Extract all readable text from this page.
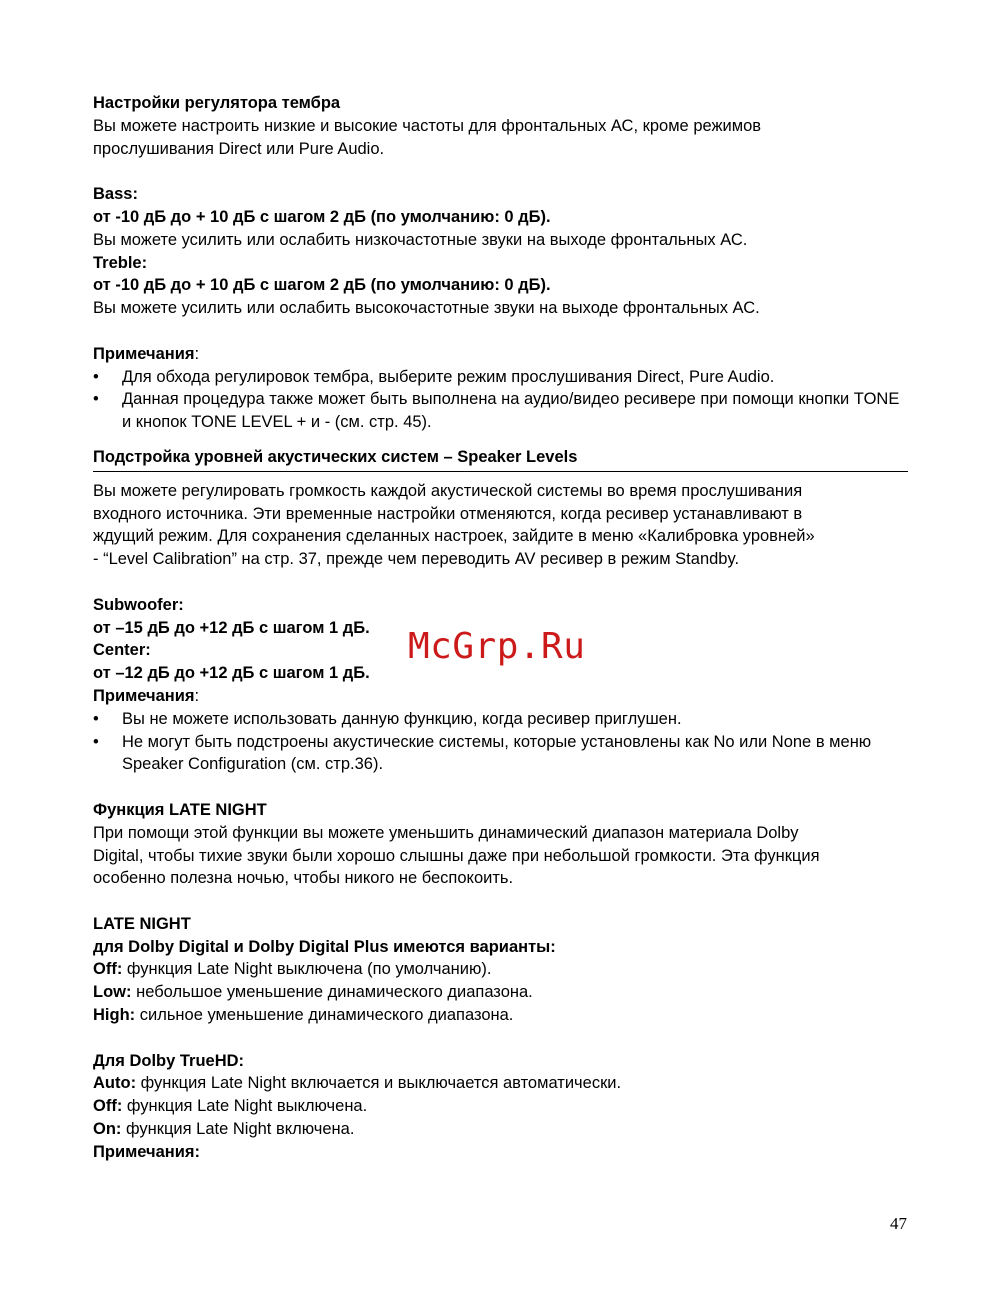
Настройки регулятора тембра

Вы можете настроить низкие и высокие частоты для фронтальных АС, кроме режимов

прослушивания Direct или Pure Audio.

Bass:

от -10 дБ до + 10 дБ с шагом 2 дБ (по умолчанию: 0 дБ).

Вы можете усилить или ослабить низкочастотные звуки на выходе фронтальных АС.

Treble:

от -10 дБ до + 10 дБ с шагом 2 дБ (по умолчанию: 0 дБ).

Вы можете усилить или ослабить высокочастотные звуки на выходе фронтальных АС.

Примечания:

• Для обхода регулировок тембра, выберите режим прослушивания Direct, Pure Audio.
• Данная процедура также может быть выполнена на аудио/видео ресивере при помощи кнопки TONE и кнопок TONE LEVEL + и - (см. стр. 45).

Подстройка уровней акустических систем – Speaker Levels

Вы можете регулировать громкость каждой акустической системы во время прослушивания

входного источника. Эти временные настройки отменяются, когда ресивер устанавливают в

ждущий режим. Для сохранения сделанных настроек, зайдите в меню «Калибровка уровней»

- “Level Calibration” на стр. 37, прежде чем переводить AV ресивер в режим Standby.

Subwoofer:

от –15 дБ до +12 дБ с шагом 1 дБ.

Center:

от –12 дБ до +12 дБ с шагом 1 дБ.

Примечания:

• Вы не можете использовать данную функцию, когда ресивер приглушен.
• Не могут быть подстроены акустические системы, которые установлены как No или None в меню Speaker Configuration (см. стр.36).

Функция LATE NIGHT

При помощи этой функции вы можете уменьшить динамический диапазон материала Dolby

Digital, чтобы тихие звуки были хорошо слышны даже при небольшой громкости. Эта функция

особенно полезна ночью, чтобы никого не беспокоить.

LATE NIGHT

для Dolby Digital и Dolby Digital Plus имеются варианты:

Off: функция Late Night выключена (по умолчанию).

Low: небольшое уменьшение динамического диапазона.

High: сильное уменьшение динамического диапазона.

Для Dolby TrueHD:

Auto: функция Late Night включается и выключается автоматически.

Off: функция Late Night выключена.

On: функция Late Night включена.

Примечания:

McGrp.Ru
47
